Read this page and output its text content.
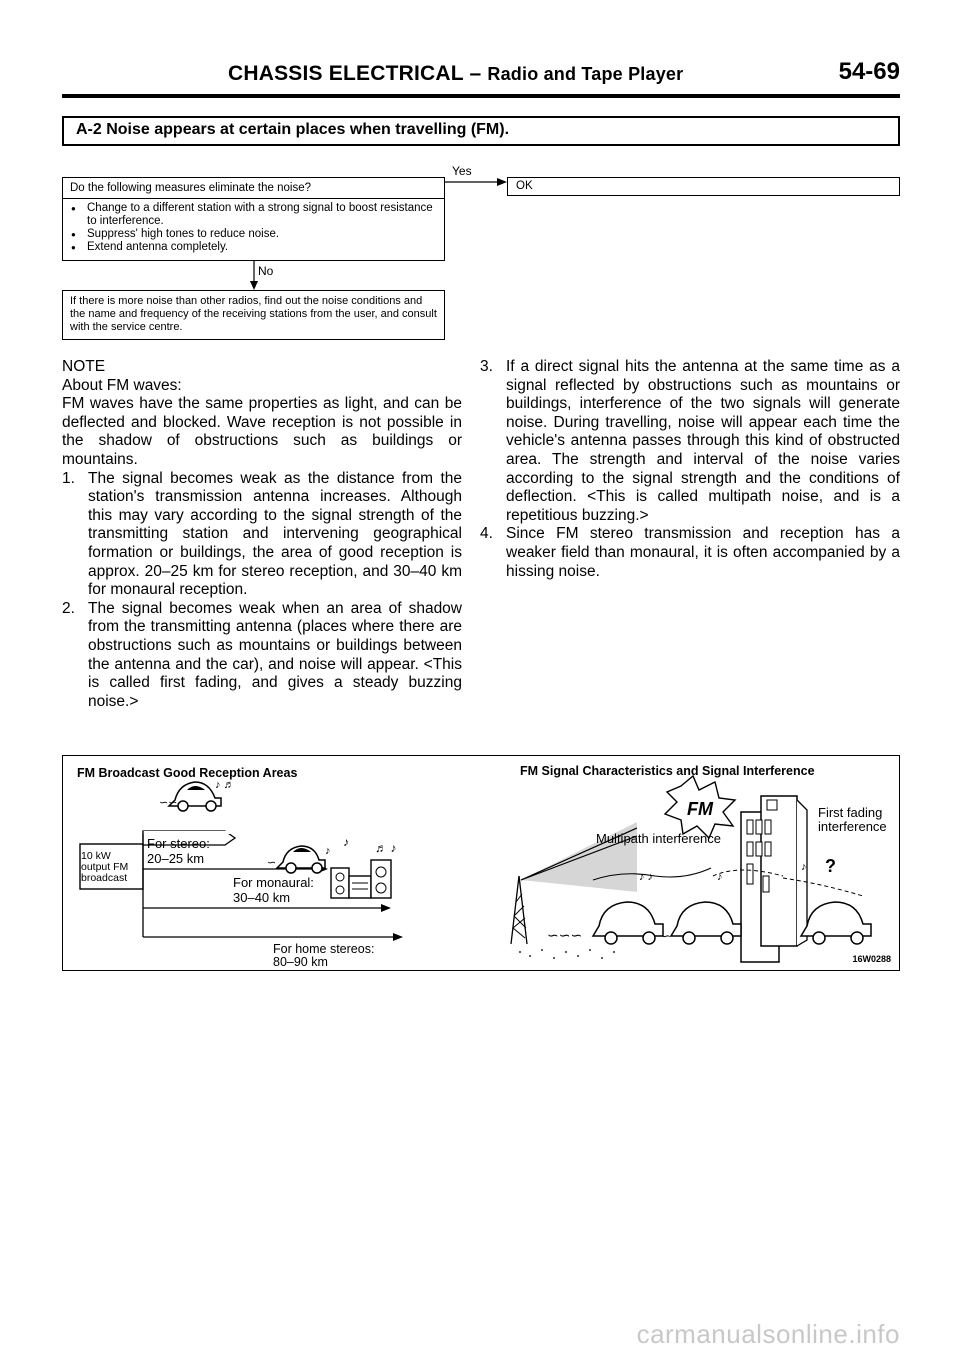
CHASSIS ELECTRICAL – Radio and Tape Player	54-69
A-2 Noise appears at certain places when travelling (FM).
Yes
Do the following measures eliminate the noise?
● Change to a different station with a strong signal to boost resistance to interference.
● Suppress' high tones to reduce noise.
● Extend antenna completely.
OK
No
If there is more noise than other radios, find out the noise conditions and the name and frequency of the receiving stations from the user, and consult with the service centre.

NOTE

About FM waves:

FM waves have the same properties as light, and can be deflected and blocked. Wave reception is not possible in the shadow of obstructions such as buildings or mountains.

1. The signal becomes weak as the distance from the station's transmission antenna increases. Although this may vary according to the signal strength of the transmitting station and intervening geographical formation or buildings, the area of good reception is approx. 20–25 km for stereo reception, and 30–40 km for monaural reception.
2. The signal becomes weak when an area of shadow from the transmitting antenna (places where there are obstructions such as mountains or buildings between the antenna and the car), and noise will appear. <This is called first fading, and gives a steady buzzing noise.>
3. If a direct signal hits the antenna at the same time as a signal reflected by obstructions such as mountains or buildings, interference of the two signals will generate noise. During travelling, noise will appear each time the vehicle's antenna passes through this kind of obstructed area. The strength and interval of the noise varies according to the signal strength and the conditions of deflection. <This is called multipath noise, and is a repetitious buzzing.>
4. Since FM stereo transmission and reception has a weaker field than monaural, it is often accompanied by a hissing noise.
FM Broadcast Good Reception Areas	FM Signal Characteristics and Signal Interference
∽∽
♪ ♬
∽
♪ ♬ ♪
♪
FM
♪ ♪	♪
♪
∽∽∽	∽
?
10 kW
output FM
broadcast
For stereo:
20–25 km
For monaural:
30–40 km
For home stereos:
80–90 km
Multipath interference
First fading
interference
16W0288
carmanualsonline.info
